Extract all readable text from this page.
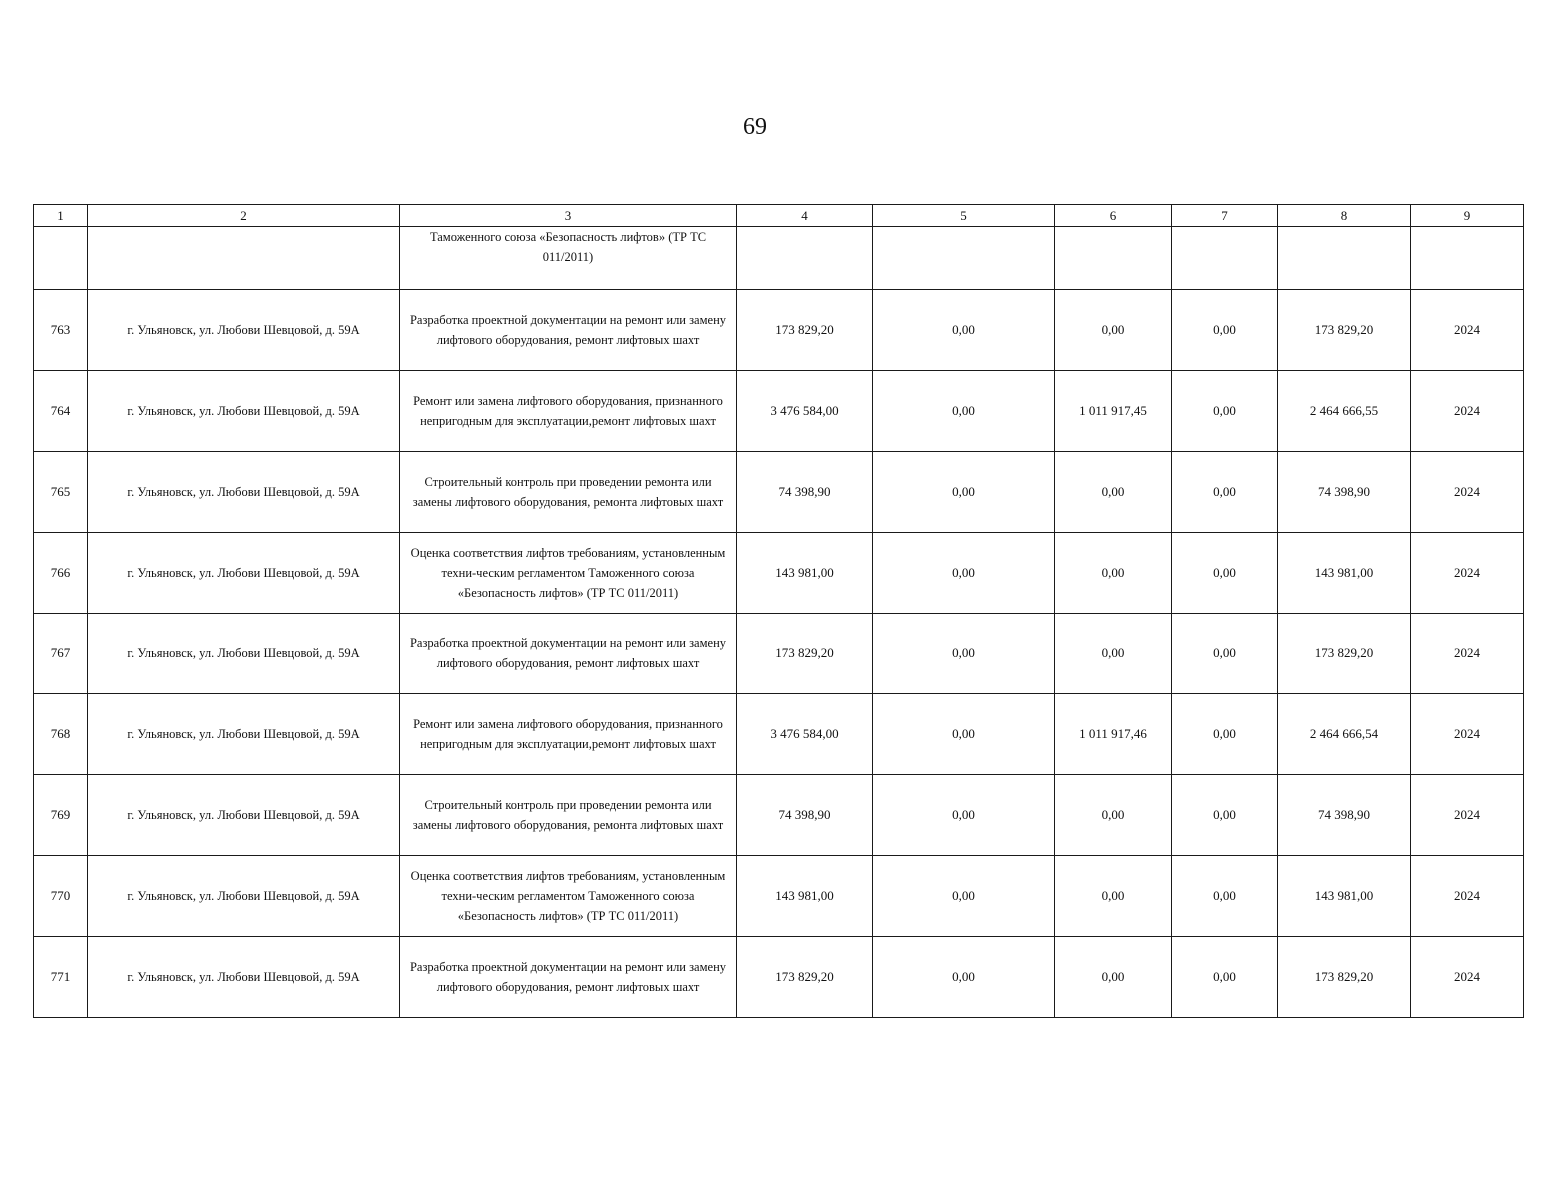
69
1	2	3	4	5	6	7	8	9
		Таможенного союза «Безопасность лифтов» (ТР ТС 011/2011)						
763	г. Ульяновск, ул. Любови Шевцовой, д. 59А	Разработка проектной документации на ремонт или замену лифтового оборудования, ремонт лифтовых шахт	173 829,20	0,00	0,00	0,00	173 829,20	2024
764	г. Ульяновск, ул. Любови Шевцовой, д. 59А	Ремонт или замена лифтового оборудования, признанного непригодным для эксплуатации,ремонт лифтовых шахт	3 476 584,00	0,00	1 011 917,45	0,00	2 464 666,55	2024
765	г. Ульяновск, ул. Любови Шевцовой, д. 59А	Строительный контроль при проведении ремонта или замены лифтового оборудования, ремонта лифтовых шахт	74 398,90	0,00	0,00	0,00	74 398,90	2024
766	г. Ульяновск, ул. Любови Шевцовой, д. 59А	Оценка соответствия лифтов требованиям, установленным техни-ческим регламентом Таможенного союза «Безопасность лифтов» (ТР ТС 011/2011)	143 981,00	0,00	0,00	0,00	143 981,00	2024
767	г. Ульяновск, ул. Любови Шевцовой, д. 59А	Разработка проектной документации на ремонт или замену лифтового оборудования, ремонт лифтовых шахт	173 829,20	0,00	0,00	0,00	173 829,20	2024
768	г. Ульяновск, ул. Любови Шевцовой, д. 59А	Ремонт или замена лифтового оборудования, признанного непригодным для эксплуатации,ремонт лифтовых шахт	3 476 584,00	0,00	1 011 917,46	0,00	2 464 666,54	2024
769	г. Ульяновск, ул. Любови Шевцовой, д. 59А	Строительный контроль при проведении ремонта или замены лифтового оборудования, ремонта лифтовых шахт	74 398,90	0,00	0,00	0,00	74 398,90	2024
770	г. Ульяновск, ул. Любови Шевцовой, д. 59А	Оценка соответствия лифтов требованиям, установленным техни-ческим регламентом Таможенного союза «Безопасность лифтов» (ТР ТС 011/2011)	143 981,00	0,00	0,00	0,00	143 981,00	2024
771	г. Ульяновск, ул. Любови Шевцовой, д. 59А	Разработка проектной документации на ремонт или замену лифтового оборудования, ремонт лифтовых шахт	173 829,20	0,00	0,00	0,00	173 829,20	2024
